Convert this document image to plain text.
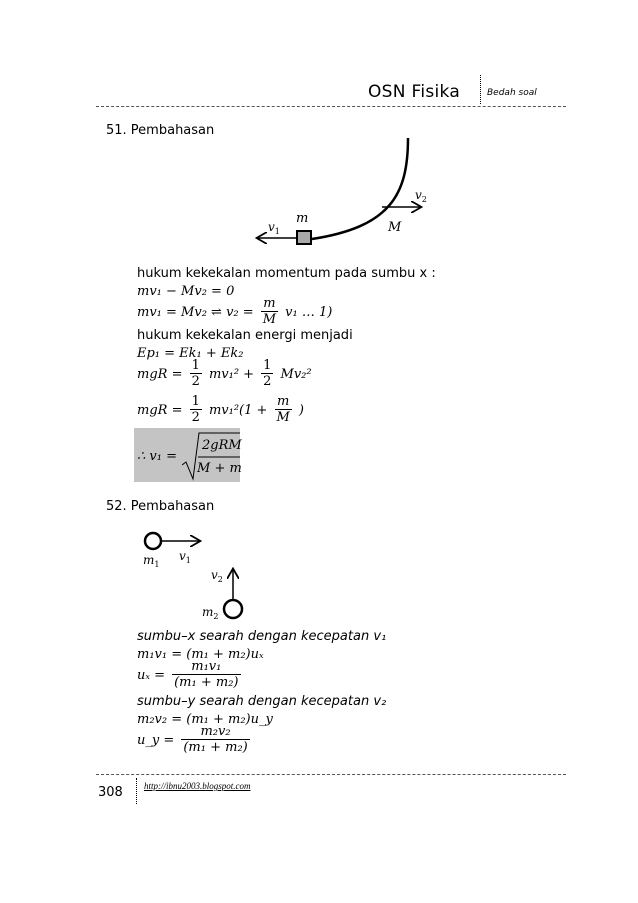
OSN Fisika	Bedah soal
51. Pembahasan
$v_2$
$v_1$
m
M
hukum kekekalan momentum pada sumbu x :
mv₁ − Mv₂ = 0
mv₁ = Mv₂ ⇌ $v_2 = \frac{m}{M} v_1$ … 1)
hukum kekekalan energi menjadi
Ep₁ = Ek₁ + Ek₂
mgR = $\frac{1}{2} mv_1^2 + \frac{1}{2} Mv_2^2$
mgR = $\frac{1}{2} mv_1^2(1 + \frac{m}{M}$ )
∴ v₁ =
2gRM
M + m
52. Pembahasan
$m_1$
$v_1$
$v_2$
$m_2$
sumbu–x searah dengan kecepatan v₁
m₁v₁ = (m₁ + m₂)uₓ
$u_x = \frac{\text{m₁v₁}}{\text{(m₁ + m₂)}}$
sumbu–y searah dengan kecepatan v₂
m₂v₂ = (m₁ + m₂)u_y
u_y = $\frac{\text{m₂v₂}}{\text{(m₁ + m₂)}}$
308 http://ibnu2003.blogspot.com
